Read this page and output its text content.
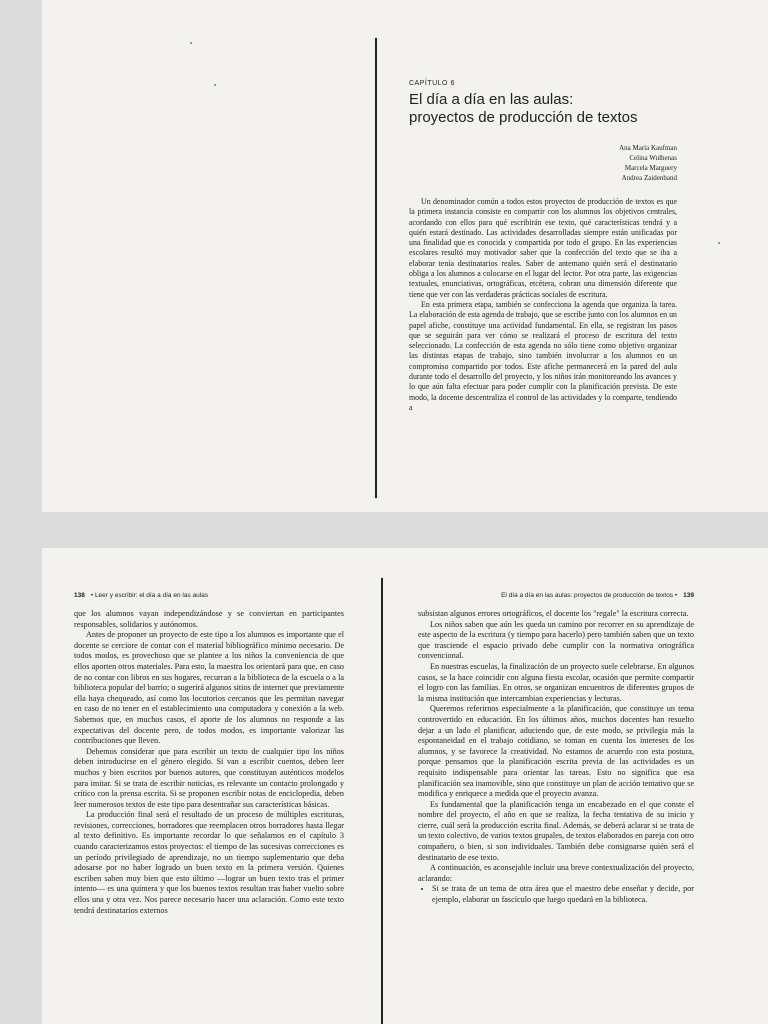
CAPÍTULO 6
El día a día en las aulas:
proyectos de producción de textos
Ana María Kaufman
Celina Wulhenas
Marcela Marguery
Andrea Zaidenband

Un denominador común a todos estos proyectos de producción de textos es que la primera instancia consiste en compartir con los alumnos los objetivos centrales, acordando con ellos para qué escribirán ese texto, qué características tendrá y a quién estará destinado. Las actividades desarrolladas siempre están unificadas por una finalidad que es conocida y compartida por todo el grupo. En las experiencias escolares resultó muy motivador saber que la confección del texto que se iba a elaborar tenía destinatarios reales. Saber de antemano quién será el destinatario obliga a los alumnos a colocarse en el lugar del lector. Por otra parte, las exigencias textuales, enunciativas, ortográficas, etcétera, cobran una dimensión diferente que tiene que ver con las verdaderas prácticas sociales de escritura.

En esta primera etapa, también se confecciona la agenda que organiza la tarea. La elaboración de esta agenda de trabajo, que se escribe junto con los alumnos en un papel afiche, constituye una actividad fundamental. En ella, se registran los pasos que se seguirán para ver cómo se realizará el proceso de escritura del texto seleccionado. La confección de esta agenda no sólo tiene como objetivo organizar las distintas etapas de trabajo, sino también involucrar a los alumnos en un compromiso compartido por todos. Este afiche permanecerá en la pared del aula durante todo el desarrollo del proyecto, y los niños irán monitoreando los avances y lo que aún falta efectuar para poder cumplir con la planificación prevista. De este modo, la docente descentraliza el control de las actividades y lo comparte, tendiendo a

138 • Leer y escribir: el día a día en las aulas

que los alumnos vayan independizándose y se conviertan en participantes responsables, solidarios y autónomos.

Antes de proponer un proyecto de este tipo a los alumnos es importante que el docente se cerciore de contar con el material bibliográfico mínimo necesario. De todos modos, es provechoso que se plantee a los niños la conveniencia de que ellos aporten otros materiales. Para esto, la maestra los orientará para que, en caso de no contar con libros en sus hogares, recurran a la biblioteca de la escuela o a la biblioteca popular del barrio; o sugerirá algunos sitios de internet que previamente ella haya chequeado, así como los locutorios cercanos que les permitan navegar en caso de no tener en el establecimiento una computadora y conexión a la web. Sabemos que, en muchos casos, el aporte de los alumnos no responde a las expectativas del docente pero, de todos modos, es importante valorizar las contribuciones que lleven.

Debemos considerar que para escribir un texto de cualquier tipo los niños deben introducirse en el género elegido. Si van a escribir cuentos, deben leer muchos y bien escritos por buenos autores, que constituyan auténticos modelos para imitar. Si se trata de escribir noticias, es relevante un contacto prolongado y crítico con la prensa escrita. Si se proponen escribir notas de enciclopedia, deben leer numerosos textos de este tipo para desentrañar sus características básicas.

La producción final será el resultado de un proceso de múltiples escrituras, revisiones, correcciones, borradores que reemplacen otros borradores hasta llegar al texto definitivo. Es importante recordar lo que señalamos en el capítulo 3 cuando caracterizamos estos proyectos: el tiempo de las sucesivas correcciones es un período privilegiado de aprendizaje, no un tiempo suplementario que deba adosarse por no haber logrado un buen texto en la primera versión. Quienes escriben saben muy bien que esto último —lograr un buen texto tras el primer intento— es una quimera y que los buenos textos resultan tras haber vuelto sobre ellos una y otra vez. Nos parece necesario hacer una aclaración. Como este texto tendrá destinatarios externos

El día a día en las aulas: proyectos de producción de textos • 139

subsistan algunos errores ortográficos, el docente los "regale" la escritura correcta.

Los niños saben que aún les queda un camino por recorrer en su aprendizaje de este aspecto de la escritura (y tiempo para hacerlo) pero también saben que un texto que trasciende el espacio privado debe cumplir con la normativa ortográfica convencional.

En nuestras escuelas, la finalización de un proyecto suele celebrarse. En algunos casos, se la hace coincidir con alguna fiesta escolar, ocasión que permite compartir el logro con las familias. En otros, se organizan encuentros de diferentes grupos de la misma institución que intercambian experiencias y lecturas.

Queremos referirnos especialmente a la planificación, que constituye un tema controvertido en educación. En los últimos años, muchos docentes han resuelto dejar a un lado el planificar, aduciendo que, de este modo, se privilegia más la espontaneidad en el trabajo cotidiano, se toman en cuenta los intereses de los alumnos, y se favorece la creatividad. No estamos de acuerdo con esta postura, porque pensamos que la planificación escrita previa de las actividades es un requisito indispensable para orientar las tareas. Esto no significa que esa planificación sea inamovible, sino que constituye un plan de acción tentativo que se modifica y enriquece a medida que el proyecto avanza.

Es fundamental que la planificación tenga un encabezado en el que conste el nombre del proyecto, el año en que se realiza, la fecha tentativa de su inicio y cierre, cuál será la producción escrita final. Además, se deberá aclarar si se trata de un texto colectivo, de varios textos grupales, de textos elaborados en pareja con otro compañero, o bien, si son individuales. También debe consignarse quién será el destinatario de ese texto.

A continuación, es aconsejable incluir una breve contextualización del proyecto, aclarando:

• Si se trata de un tema de otra área que el maestro debe enseñar y decide, por ejemplo, elaborar un fascículo que luego quedará en la biblioteca.
